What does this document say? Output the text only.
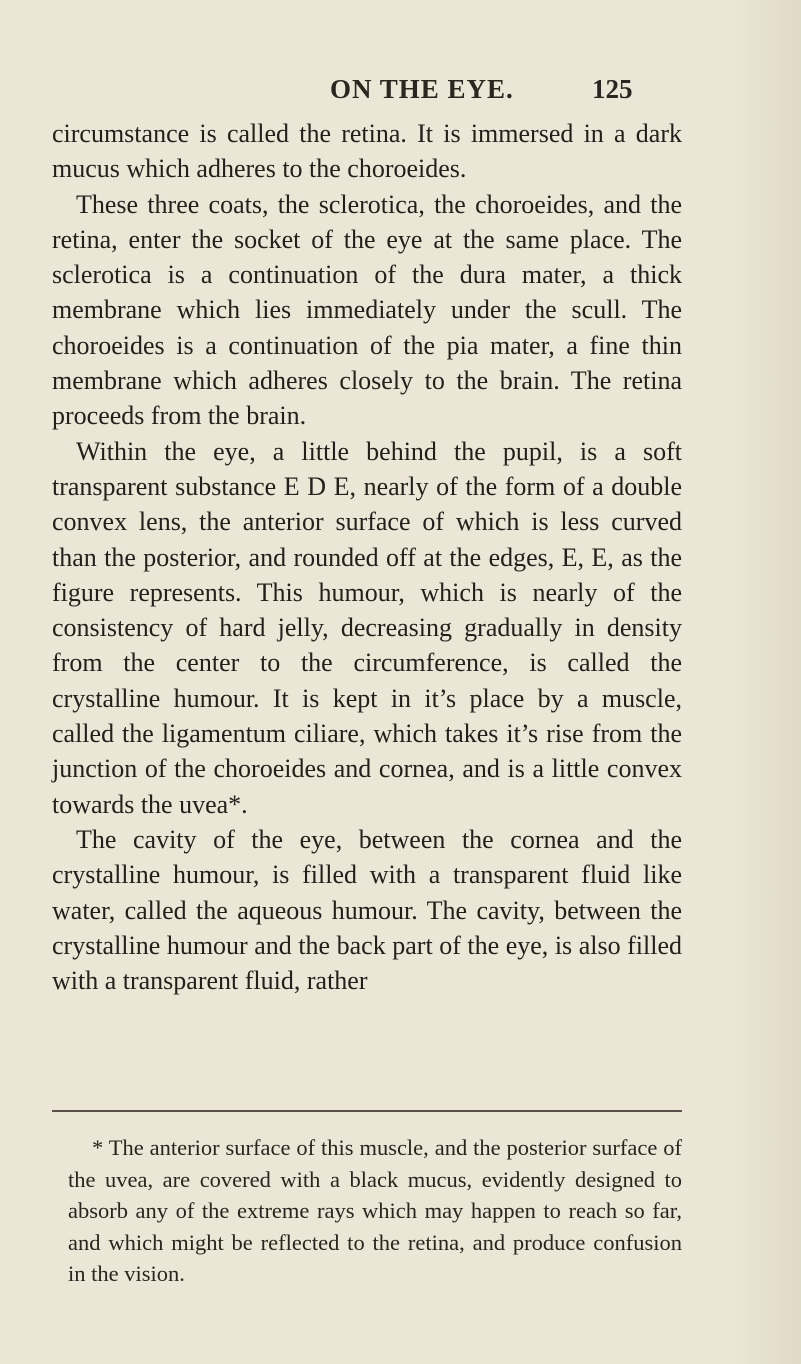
ON THE EYE.	125

circumstance is called the retina. It is immersed in a dark mucus which adheres to the choroeides.

These three coats, the sclerotica, the choroeides, and the retina, enter the socket of the eye at the same place. The sclerotica is a continuation of the dura mater, a thick membrane which lies immediately under the scull. The choroeides is a continuation of the pia mater, a fine thin membrane which adheres closely to the brain. The retina proceeds from the brain.

Within the eye, a little behind the pupil, is a soft transparent substance E D E, nearly of the form of a double convex lens, the anterior surface of which is less curved than the posterior, and rounded off at the edges, E, E, as the figure represents. This humour, which is nearly of the consistency of hard jelly, decreasing gradually in density from the center to the circumference, is called the crystalline humour. It is kept in it’s place by a muscle, called the ligamentum ciliare, which takes it’s rise from the junction of the choroeides and cornea, and is a little convex towards the uvea*.

The cavity of the eye, between the cornea and the crystalline humour, is filled with a transparent fluid like water, called the aqueous humour. The cavity, between the crystalline humour and the back part of the eye, is also filled with a transparent fluid, rather

* The anterior surface of this muscle, and the posterior surface of the uvea, are covered with a black mucus, evidently designed to absorb any of the extreme rays which may happen to reach so far, and which might be reflected to the retina, and produce confusion in the vision.
